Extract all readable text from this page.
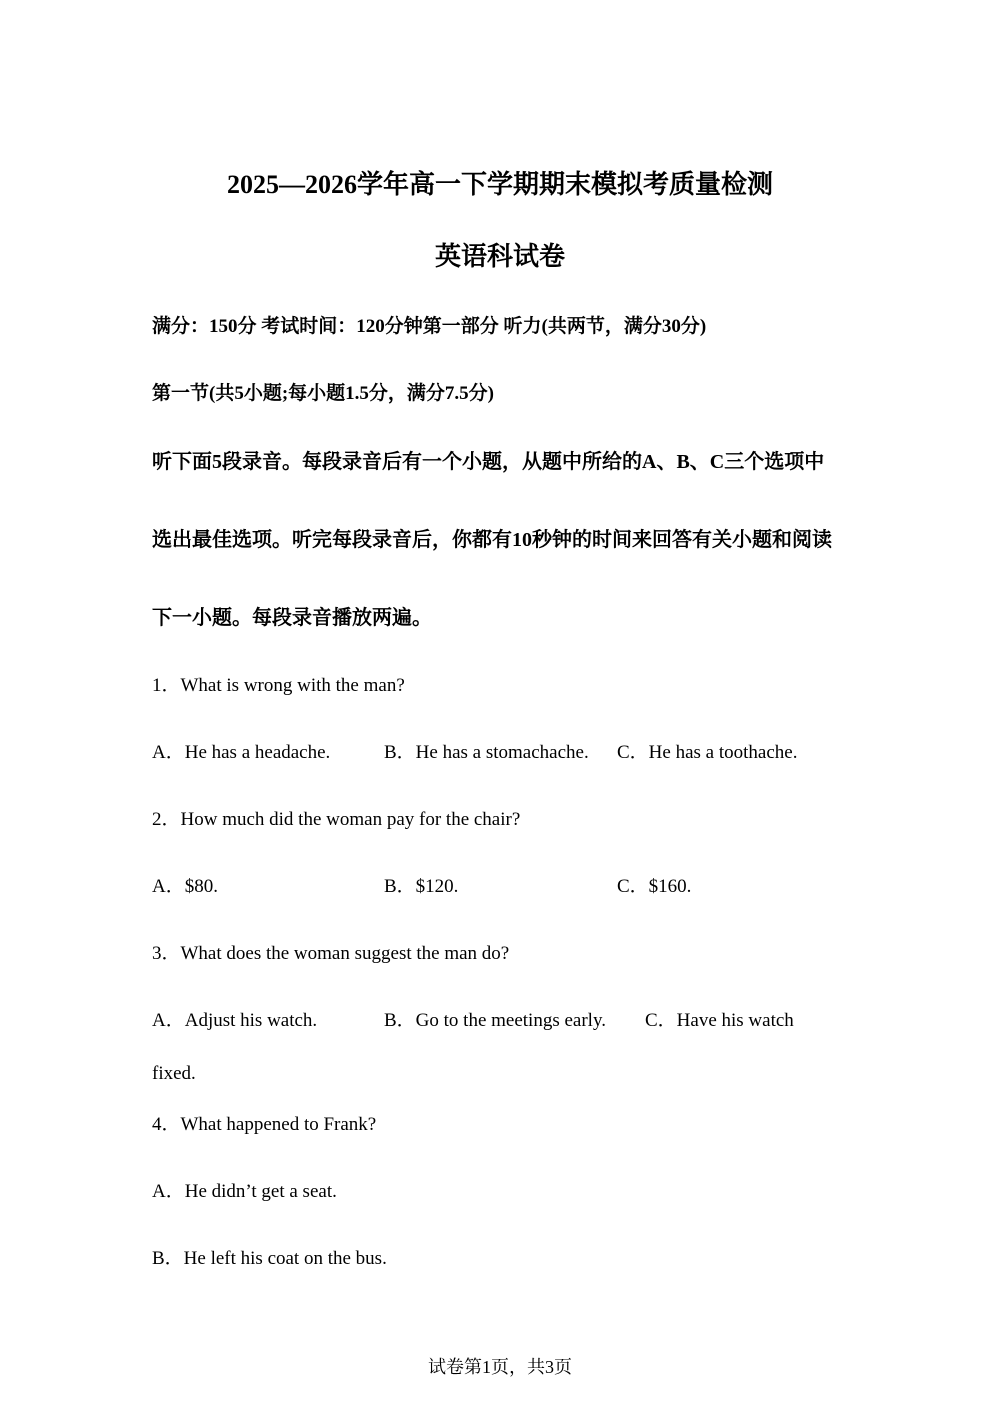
2025—2026学年高一下学期期末模拟考质量检测
英语科试卷
满分：150分 考试时间：120分钟第一部分 听力(共两节，满分30分)
第一节(共5小题;每小题1.5分，满分7.5分)
听下面5段录音。每段录音后有一个小题，从题中所给的A、B、C三个选项中
选出最佳选项。听完每段录音后，你都有10秒钟的时间来回答有关小题和阅读
下一小题。每段录音播放两遍。
1．What is wrong with the man?
A．He has a headache.	B．He has a stomachache. C．He has a toothache.
2．How much did the woman pay for the chair?
A．$80.	B．$120.	C．$160.
3．What does the woman suggest the man do?
A．Adjust his watch.	B．Go to the meetings early. C．Have his watch
fixed.
4．What happened to Frank?
A．He didn’t get a seat.
B．He left his coat on the bus.
试卷第1页，共3页
